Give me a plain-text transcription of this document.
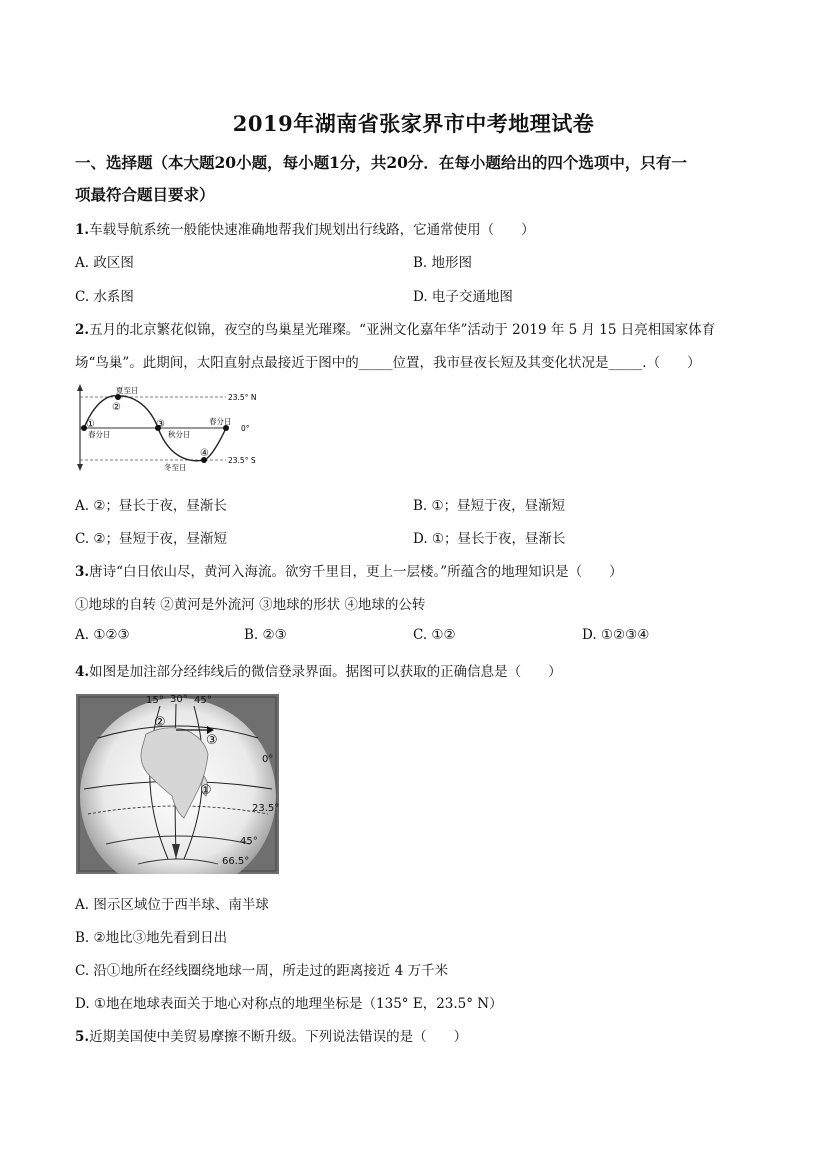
2019年湖南省张家界市中考地理试卷
一、选择题（本大题20小题，每小题1分，共20分．在每小题给出的四个选项中，只有一
项最符合题目要求）
1.车载导航系统一般能快速准确地帮我们规划出行线路，它通常使用（　　）
A. 政区图	B. 地形图
C. 水系图	D. 电子交通地图
2.五月的北京繁花似锦，夜空的鸟巢星光璀璨。“亚洲文化嘉年华”活动于 2019 年 5 月 15 日亮相国家体育
场“鸟巢”。此期间，太阳直射点最接近于图中的_____位置，我市昼夜长短及其变化状况是_____.（　　）
夏至日
②
①
春分日
③
秋分日
春分日
④
冬至日
23.5° N
0°
23.5° S
A. ②；昼长于夜，昼渐长	B. ①；昼短于夜，昼渐短
C. ②；昼短于夜，昼渐短	D. ①；昼长于夜，昼渐长
3.唐诗“白日依山尽，黄河入海流。欲穷千里目，更上一层楼。”所蕴含的地理知识是（　　）
①地球的自转 ②黄河是外流河 ③地球的形状 ④地球的公转
A. ①②③	B. ②③	C. ①②	D. ①②③④
4.如图是加注部分经纬线后的微信登录界面。据图可以获取的正确信息是（　　）
15° 30° 45°
②
③
①
0°
23.5°
45°
66.5°
A. 图示区域位于西半球、南半球
B. ②地比③地先看到日出
C. 沿①地所在经线圈绕地球一周，所走过的距离接近 4 万千米
D. ①地在地球表面关于地心对称点的地理坐标是（135° E，23.5° N）
5.近期美国使中美贸易摩擦不断升级。下列说法错误的是（　　）
